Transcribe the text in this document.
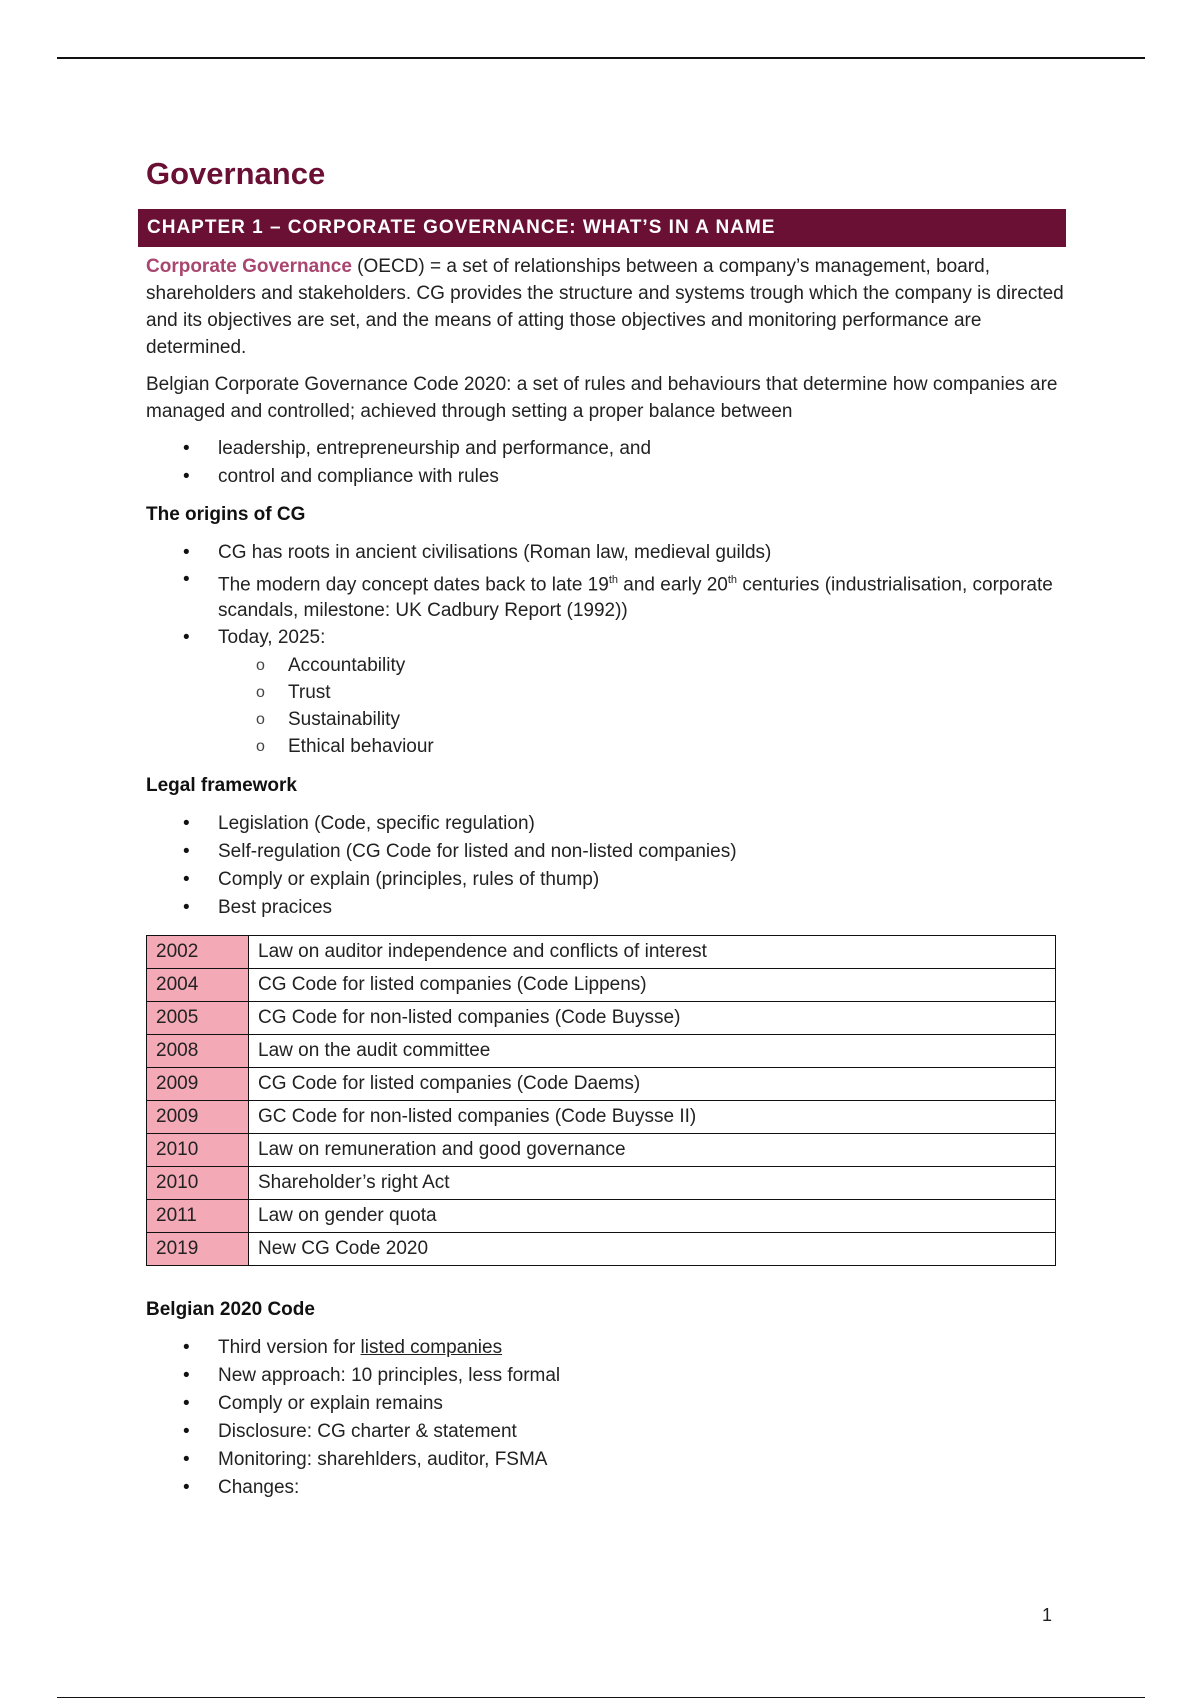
Governance
CHAPTER 1 – CORPORATE GOVERNANCE: WHAT’S IN A NAME

Corporate Governance (OECD) = a set of relationships between a company’s management, board, shareholders and stakeholders. CG provides the structure and systems trough which the company is directed and its objectives are set, and the means of atting those objectives and monitoring performance are determined.

Belgian Corporate Governance Code 2020: a set of rules and behaviours that determine how companies are managed and controlled; achieved through setting a proper balance between

• leadership, entrepreneurship and performance, and
• control and compliance with rules
The origins of CG
• CG has roots in ancient civilisations (Roman law, medieval guilds)
• The modern day concept dates back to late 19th and early 20th centuries (industrialisation, corporate scandals, milestone: UK Cadbury Report (1992))
• Today, 2025:
o Accountability
o Trust
o Sustainability
o Ethical behaviour
Legal framework
• Legislation (Code, specific regulation)
• Self-regulation (CG Code for listed and non-listed companies)
• Comply or explain (principles, rules of thump)
• Best pracices
2002	Law on auditor independence and conflicts of interest
2004	CG Code for listed companies (Code Lippens)
2005	CG Code for non-listed companies (Code Buysse)
2008	Law on the audit committee
2009	CG Code for listed companies (Code Daems)
2009	GC Code for non-listed companies (Code Buysse II)
2010	Law on remuneration and good governance
2010	Shareholder’s right Act
2011	Law on gender quota
2019	New CG Code 2020
Belgian 2020 Code
• Third version for listed companies
• New approach: 10 principles, less formal
• Comply or explain remains
• Disclosure: CG charter & statement
• Monitoring: sharehlders, auditor, FSMA
• Changes:
1
